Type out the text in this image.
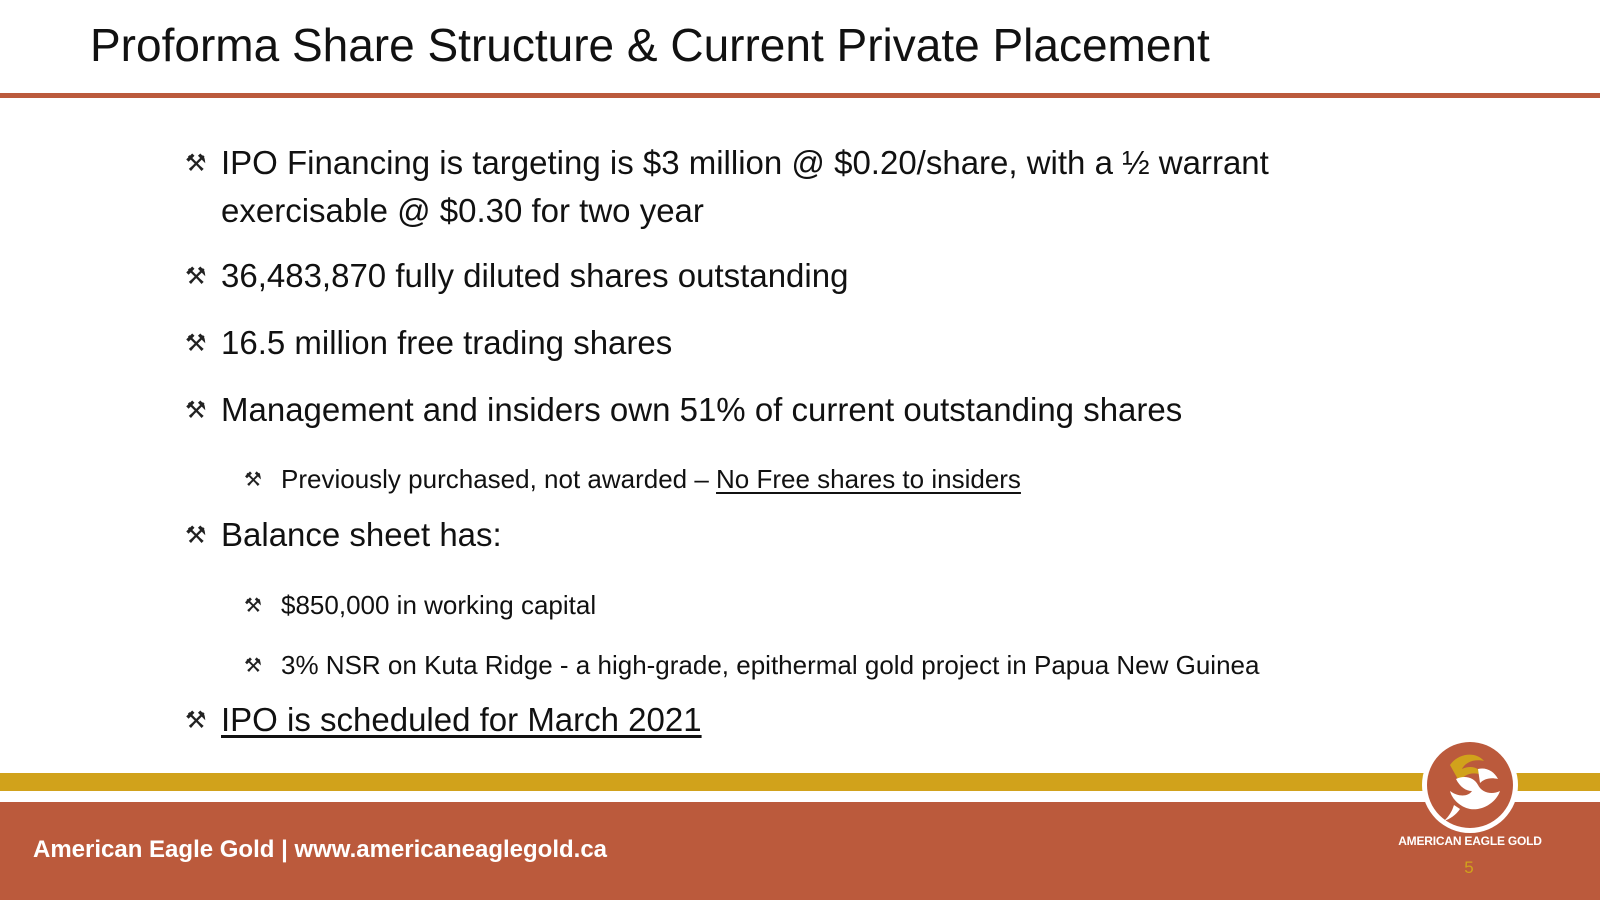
Proforma Share Structure & Current Private Placement
⚒ IPO Financing is targeting is $3 million @ $0.20/share, with a ½ warrant
exercisable @ $0.30 for two year
⚒ 36,483,870 fully diluted shares outstanding
⚒ 16.5 million free trading shares
⚒ Management and insiders own 51% of current outstanding shares
⚒ Previously purchased, not awarded – No Free shares to insiders
⚒ Balance sheet has:
⚒ $850,000 in working capital
⚒ 3% NSR on Kuta Ridge - a high-grade, epithermal gold project in Papua New Guinea
⚒ IPO is scheduled for March 2021
American Eagle Gold | www.americaneaglegold.ca	AMERICAN EAGLE GOLD
5
